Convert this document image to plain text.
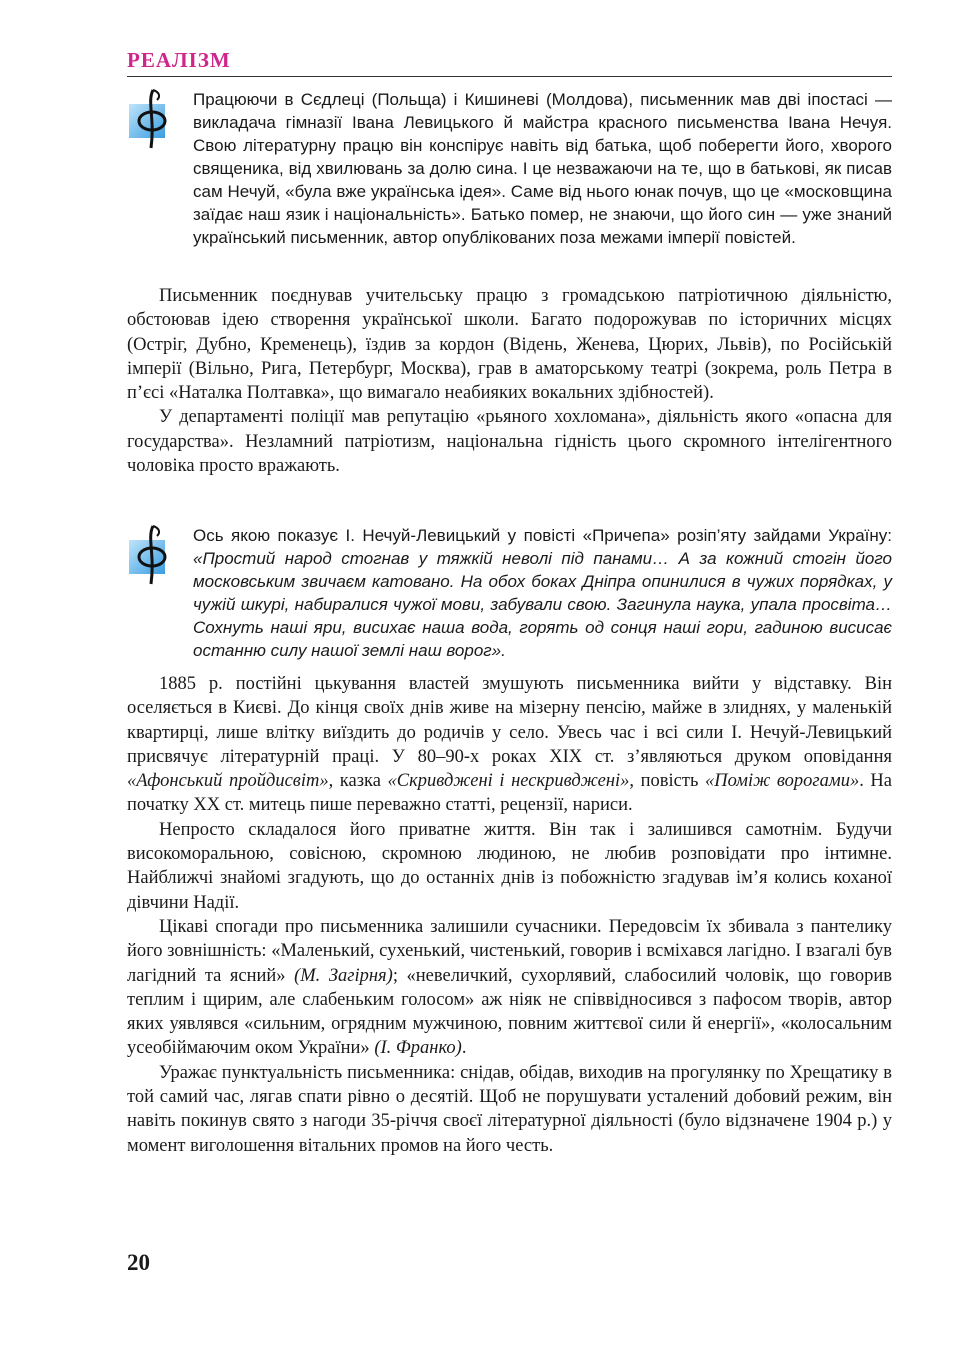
РЕАЛІЗМ
Працюючи в Сєдлеці (Польща) і Кишиневі (Молдова), письменник мав дві іпостасі — викладача гімназії Івана Левицького й майстра красного письменства Івана Нечуя. Свою літературну працю він конспірує навіть від батька, щоб поберегти його, хворого священика, від хвилювань за долю сина. І це незважаючи на те, що в батькові, як писав сам Нечуй, «була вже українська ідея». Саме від нього юнак почув, що це «московщина заїдає наш язик і національність». Батько помер, не знаючи, що його син — уже знаний український письменник, автор опублікованих поза межами імперії повістей.

Письменник поєднував учительську працю з громадською патріотичною діяльністю, обстоював ідею створення української школи. Багато подорожував по історичних місцях (Остріг, Дубно, Кременець), їздив за кордон (Відень, Женева, Цюрих, Львів), по Російській імперії (Вільно, Рига, Петербург, Москва), грав в аматорському театрі (зокрема, роль Петра в п’єсі «Наталка Полтавка», що вимагало неабияких вокальних здібностей).

У департаменті поліції мав репутацію «рьяного хохломана», діяльність якого «опасна для государства». Незламний патріотизм, національна гідність цього скромного інтелігентного чоловіка просто вражають.

Ось якою показує І. Нечуй-Левицький у повісті «Причепа» розіп’яту зайдами Україну: «Простий народ стогнав у тяжкій неволі під панами… А за кожний стогін його московським звичаєм катовано. На обох боках Дніпра опинилися в чужих порядках, у чужій шкурі, набиралися чужої мови, забували свою. Загинула наука, упала просвіта… Сохнуть наші яри, висихає наша вода, горять од сонця наші гори, гадиною висисає останню силу нашої землі наш ворог».

1885 р. постійні цькування властей змушують письменника вийти у відставку. Він оселяється в Києві. До кінця своїх днів живе на мізерну пенсію, майже в злиднях, у маленькій квартирці, лише влітку виїздить до родичів у село. Увесь час і всі сили І. Нечуй-Левицький присвячує літературній праці. У 80–90-х роках XIX ст. з’являються друком оповідання «Афонський пройдисвіт», казка «Скривджені і нескривджені», повість «Поміж ворогами». На початку XX ст. митець пише переважно статті, рецензії, нариси.

Непросто складалося його приватне життя. Він так і залишився самотнім. Будучи високоморальною, совісною, скромною людиною, не любив розповідати про інтимне. Найближчі знайомі згадують, що до останніх днів із побожністю згадував ім’я колись коханої дівчини Надії.

Цікаві спогади про письменника залишили сучасники. Передовсім їх збивала з пантелику його зовнішність: «Маленький, сухенький, чистенький, говорив і всміхався лагідно. І взагалі був лагідний та ясний» (М. Загірня); «невеличкий, сухорлявий, слабосилий чоловік, що говорив теплим і щирим, але слабеньким голосом» аж ніяк не співвідносився з пафосом творів, автор яких уявлявся «сильним, огрядним мужчиною, повним життєвої сили й енергії», «колосальним усеобіймаючим оком України» (І. Франко).

Уражає пунктуальність письменника: снідав, обідав, виходив на прогулянку по Хрещатику в той самий час, лягав спати рівно о десятій. Щоб не порушувати усталений добовий режим, він навіть покинув свято з нагоди 35-річчя своєї літературної діяльності (було відзначене 1904 р.) у момент виголошення вітальних промов на його честь.

20
